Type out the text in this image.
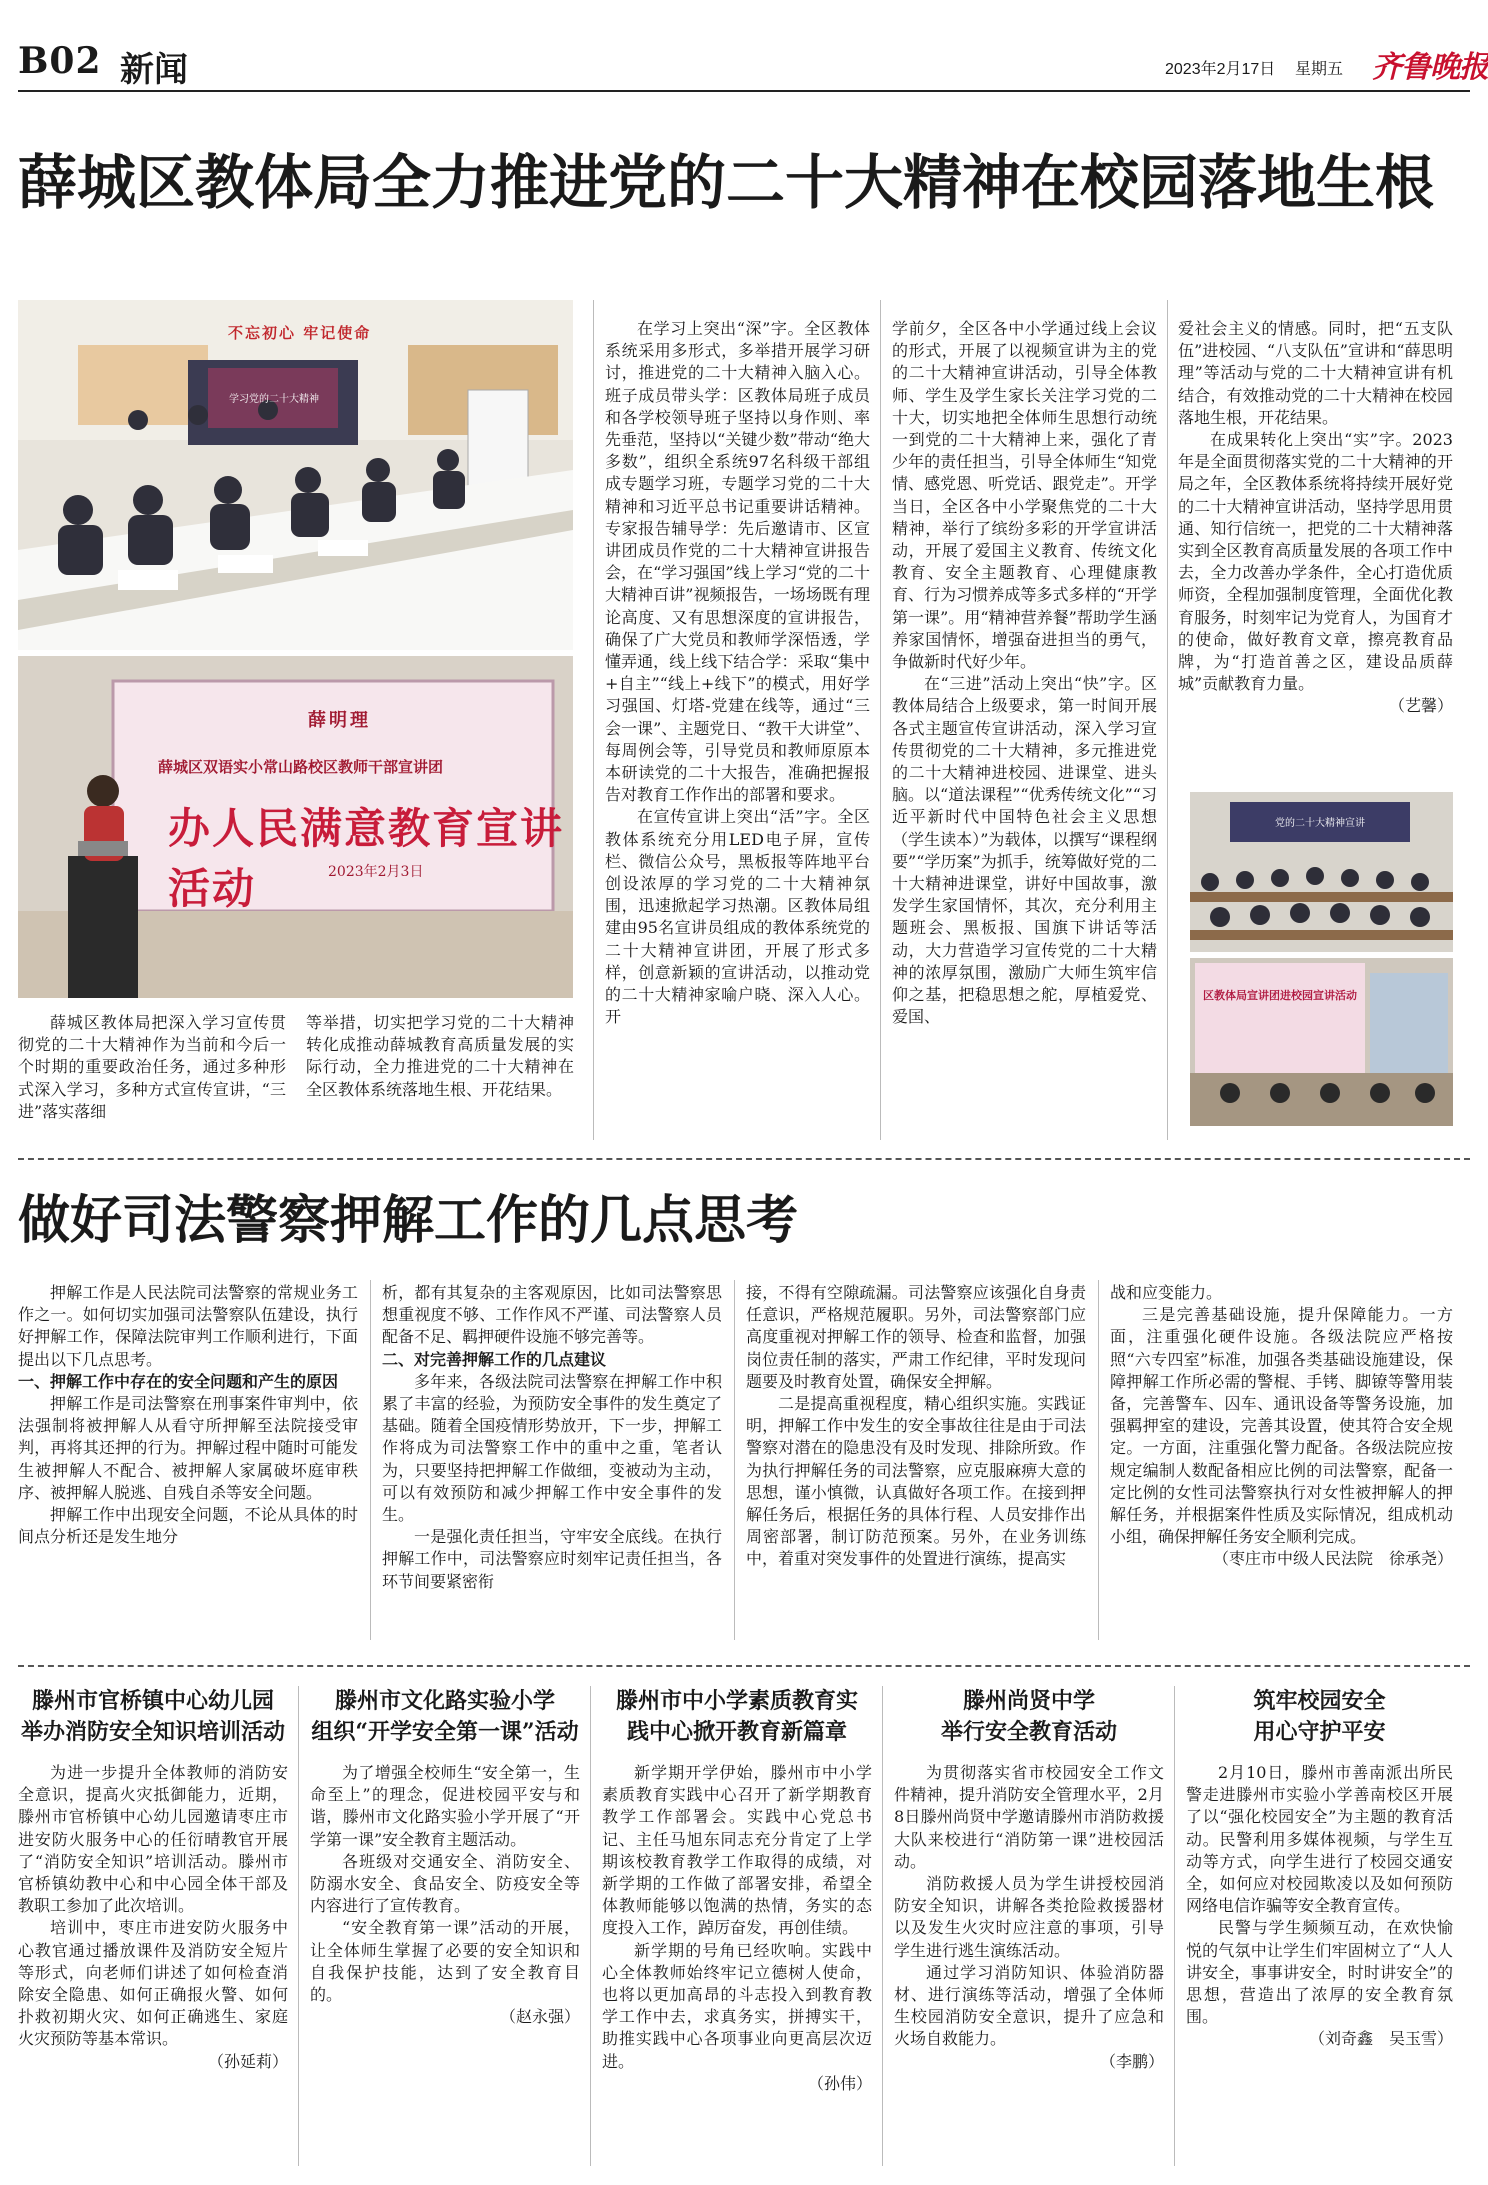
B02 新闻	2023年2月17日 星期五 齐鲁晚报
薛城区教体局全力推进党的二十大精神在校园落地生根
不忘初心 牢记使命
学习党的二十大精神
薛明理
薛城区双语实小常山路校区教师干部宣讲团
办人民满意教育宣讲活动	2023年2月3日

薛城区教体局把深入学习宣传贯彻党的二十大精神作为当前和今后一个时期的重要政治任务，通过多种形式深入学习，多种方式宣传宣讲，“三进”落实落细

等举措，切实把学习党的二十大精神转化成推动薛城教育高质量发展的实际行动，全力推进党的二十大精神在全区教体系统落地生根、开花结果。

在学习上突出“深”字。全区教体系统采用多形式，多举措开展学习研讨，推进党的二十大精神入脑入心。班子成员带头学：区教体局班子成员和各学校领导班子坚持以身作则、率先垂范，坚持以“关键少数”带动“绝大多数”，组织全系统97名科级干部组成专题学习班，专题学习党的二十大精神和习近平总书记重要讲话精神。专家报告辅导学：先后邀请市、区宣讲团成员作党的二十大精神宣讲报告会，在“学习强国”线上学习“党的二十大精神百讲”视频报告，一场场既有理论高度、又有思想深度的宣讲报告，确保了广大党员和教师学深悟透，学懂弄通，线上线下结合学：采取“集中+自主”“线上+线下”的模式，用好学习强国、灯塔-党建在线等，通过“三会一课”、主题党日、“教干大讲堂”、每周例会等，引导党员和教师原原本本研读党的二十大报告，准确把握报告对教育工作作出的部署和要求。

在宣传宣讲上突出“活”字。全区教体系统充分用LED电子屏，宣传栏、微信公众号，黑板报等阵地平台创设浓厚的学习党的二十大精神氛围，迅速掀起学习热潮。区教体局组建由95名宣讲员组成的教体系统党的二十大精神宣讲团，开展了形式多样，创意新颖的宣讲活动，以推动党的二十大精神家喻户晓、深入人心。开

学前夕，全区各中小学通过线上会议的形式，开展了以视频宣讲为主的党的二十大精神宣讲活动，引导全体教师、学生及学生家长关注学习党的二十大，切实地把全体师生思想行动统一到党的二十大精神上来，强化了青少年的责任担当，引导全体师生“知党情、感党恩、听党话、跟党走”。开学当日，全区各中小学聚焦党的二十大精神，举行了缤纷多彩的开学宣讲活动，开展了爱国主义教育、传统文化教育、安全主题教育、心理健康教育、行为习惯养成等多式多样的“开学第一课”。用“精神营养餐”帮助学生涵养家国情怀，增强奋进担当的勇气，争做新时代好少年。

在“三进”活动上突出“快”字。区教体局结合上级要求，第一时间开展各式主题宣传宣讲活动，深入学习宣传贯彻党的二十大精神，多元推进党的二十大精神进校园、进课堂、进头脑。以“道法课程”“优秀传统文化”“习近平新时代中国特色社会主义思想（学生读本）”为载体，以撰写“课程纲要”“学历案”为抓手，统筹做好党的二十大精神进课堂，讲好中国故事，激发学生家国情怀，其次，充分利用主题班会、黑板报、国旗下讲话等活动，大力营造学习宣传党的二十大精神的浓厚氛围，激励广大师生筑牢信仰之基，把稳思想之舵，厚植爱党、爱国、

爱社会主义的情感。同时，把“五支队伍”进校园、“八支队伍”宣讲和“薛思明理”等活动与党的二十大精神宣讲有机结合，有效推动党的二十大精神在校园落地生根，开花结果。

在成果转化上突出“实”字。2023年是全面贯彻落实党的二十大精神的开局之年，全区教体系统将持续开展好党的二十大精神宣讲活动，坚持学思用贯通、知行信统一，把党的二十大精神落实到全区教育高质量发展的各项工作中去，全力改善办学条件，全心打造优质师资，全程加强制度管理，全面优化教育服务，时刻牢记为党育人，为国育才的使命，做好教育文章，擦亮教育品牌，为“打造首善之区，建设品质薛城”贡献教育力量。

（艺馨）

党的二十大精神宣讲
区教体局宣讲团进校园宣讲活动
做好司法警察押解工作的几点思考

押解工作是人民法院司法警察的常规业务工作之一。如何切实加强司法警察队伍建设，执行好押解工作，保障法院审判工作顺利进行，下面提出以下几点思考。

一、押解工作中存在的安全问题和产生的原因

押解工作是司法警察在刑事案件审判中，依法强制将被押解人从看守所押解至法院接受审判，再将其还押的行为。押解过程中随时可能发生被押解人不配合、被押解人家属破坏庭审秩序、被押解人脱逃、自残自杀等安全问题。

押解工作中出现安全问题，不论从具体的时间点分析还是发生地分

析，都有其复杂的主客观原因，比如司法警察思想重视度不够、工作作风不严谨、司法警察人员配备不足、羁押硬件设施不够完善等。

二、对完善押解工作的几点建议

多年来，各级法院司法警察在押解工作中积累了丰富的经验，为预防安全事件的发生奠定了基础。随着全国疫情形势放开，下一步，押解工作将成为司法警察工作中的重中之重，笔者认为，只要坚持把押解工作做细，变被动为主动，可以有效预防和减少押解工作中安全事件的发生。

一是强化责任担当，守牢安全底线。在执行押解工作中，司法警察应时刻牢记责任担当，各环节间要紧密衔

接，不得有空隙疏漏。司法警察应该强化自身责任意识，严格规范履职。另外，司法警察部门应高度重视对押解工作的领导、检查和监督，加强岗位责任制的落实，严肃工作纪律，平时发现问题要及时教育处置，确保安全押解。

二是提高重视程度，精心组织实施。实践证明，押解工作中发生的安全事故往往是由于司法警察对潜在的隐患没有及时发现、排除所致。作为执行押解任务的司法警察，应克服麻痹大意的思想，谨小慎微，认真做好各项工作。在接到押解任务后，根据任务的具体行程、人员安排作出周密部署，制订防范预案。另外，在业务训练中，着重对突发事件的处置进行演练，提高实

战和应变能力。

三是完善基础设施，提升保障能力。一方面，注重强化硬件设施。各级法院应严格按照“六专四室”标准，加强各类基础设施建设，保障押解工作所必需的警棍、手铐、脚镣等警用装备，完善警车、囚车、通讯设备等警务设施，加强羁押室的建设，完善其设置，使其符合安全规定。一方面，注重强化警力配备。各级法院应按规定编制人数配备相应比例的司法警察，配备一定比例的女性司法警察执行对女性被押解人的押解任务，并根据案件性质及实际情况，组成机动小组，确保押解任务安全顺利完成。

（枣庄市中级人民法院　徐承尧）

滕州市官桥镇中心幼儿园
举办消防安全知识培训活动

为进一步提升全体教师的消防安全意识，提高火灾抵御能力，近期，滕州市官桥镇中心幼儿园邀请枣庄市进安防火服务中心的任衍晴教官开展了“消防安全知识”培训活动。滕州市官桥镇幼教中心和中心园全体干部及教职工参加了此次培训。

培训中，枣庄市进安防火服务中心教官通过播放课件及消防安全短片等形式，向老师们讲述了如何检查消除安全隐患、如何正确报火警、如何扑救初期火灾、如何正确逃生、家庭火灾预防等基本常识。

（孙延莉）

滕州市文化路实验小学
组织“开学安全第一课”活动

为了增强全校师生“安全第一，生命至上”的理念，促进校园平安与和谐，滕州市文化路实验小学开展了“开学第一课”安全教育主题活动。

各班级对交通安全、消防安全、防溺水安全、食品安全、防疫安全等内容进行了宣传教育。

“安全教育第一课”活动的开展，让全体师生掌握了必要的安全知识和自我保护技能，达到了安全教育目的。

（赵永强）

滕州市中小学素质教育实
践中心掀开教育新篇章

新学期开学伊始，滕州市中小学素质教育实践中心召开了新学期教育教学工作部署会。实践中心党总书记、主任马旭东同志充分肯定了上学期该校教育教学工作取得的成绩，对新学期的工作做了部署安排，希望全体教师能够以饱满的热情，务实的态度投入工作，踔厉奋发，再创佳绩。

新学期的号角已经吹响。实践中心全体教师始终牢记立德树人使命，也将以更加高昂的斗志投入到教育教学工作中去，求真务实，拼搏实干，助推实践中心各项事业向更高层次迈进。

（孙伟）

滕州尚贤中学
举行安全教育活动

为贯彻落实省市校园安全工作文件精神，提升消防安全管理水平，2月8日滕州尚贤中学邀请滕州市消防救援大队来校进行“消防第一课”进校园活动。

消防救援人员为学生讲授校园消防安全知识，讲解各类抢险救援器材以及发生火灾时应注意的事项，引导学生进行逃生演练活动。

通过学习消防知识、体验消防器材、进行演练等活动，增强了全体师生校园消防安全意识，提升了应急和火场自救能力。

（李鹏）

筑牢校园安全
用心守护平安

2月10日，滕州市善南派出所民警走进滕州市实验小学善南校区开展了以“强化校园安全”为主题的教育活动。民警利用多媒体视频，与学生互动等方式，向学生进行了校园交通安全，如何应对校园欺凌以及如何预防网络电信诈骗等安全教育宣传。

民警与学生频频互动，在欢快愉悦的气氛中让学生们牢固树立了“人人讲安全，事事讲安全，时时讲安全”的思想，营造出了浓厚的安全教育氛围。

（刘奇鑫　吴玉雪）
